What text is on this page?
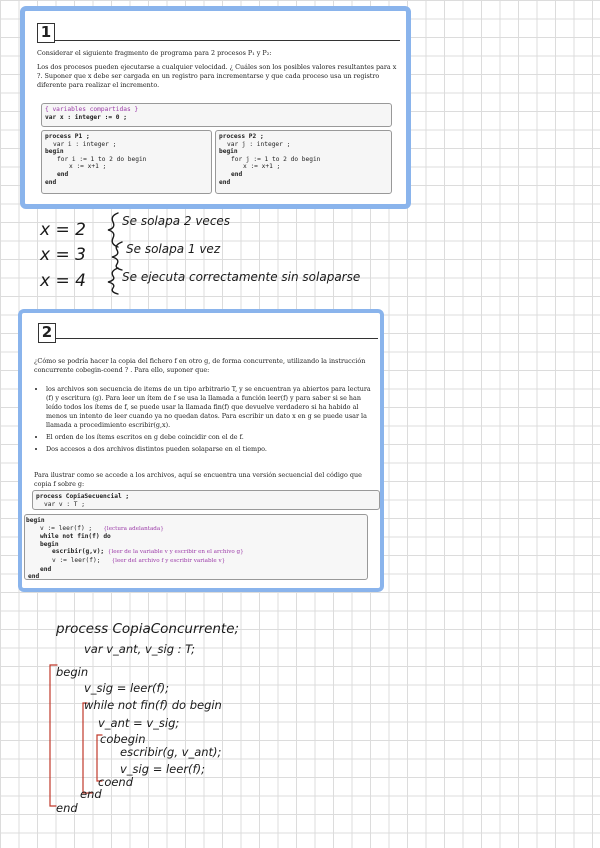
1
Considerar el siguiente fragmento de programa para 2 procesos P₁ y P₂:
Los dos procesos pueden ejecutarse a cualquier velocidad. ¿ Cuáles son los posibles valores resultantes para x ?. Suponer que x debe ser cargada en un registro para incrementarse y que cada proceso usa un registro diferente para realizar el incremento.
{ variables compartidas }
var x : integer := 0 ;
process P1 ;
var i : integer ;
begin
for i := 1 to 2 do begin
x := x+1 ;
end
end
process P2 ;
var j : integer ;
begin
for j := 1 to 2 do begin
x := x+1 ;
end
end
x = 2	Se solapa 2 veces
x = 3	Se solapa 1 vez
x = 4	Se ejecuta correctamente sin solaparse
2
¿Cómo se podría hacer la copia del fichero f en otro g, de forma concurrente, utilizando la instrucción concurrente cobegin-coend ? . Para ello, suponer que:
• los archivos son secuencia de items de un tipo arbitrario T, y se encuentran ya abiertos para lectura (f) y escritura (g). Para leer un ítem de f se usa la llamada a función leer(f) y para saber si se han leído todos los ítems de f, se puede usar la llamada fin(f) que devuelve verdadero si ha habido al menos un intento de leer cuando ya no quedan datos. Para escribir un dato x en g se puede usar la llamada a procedimiento escribir(g,x).
• El orden de los ítems escritos en g debe coincidir con el de f.
• Dos accesos a dos archivos distintos pueden solaparse en el tiempo.
Para ilustrar como se accede a los archivos, aquí se encuentra una versión secuencial del código que copia f sobre g:
process CopiaSecuencial ;
var v : T ;
begin
v := leer(f) ; {lectura adelantada}
while not fin(f) do
begin
escribir(g,v); {leer de la variable v y escribir en el archivo g}
v := leer(f); {leer del archivo f y escribir variable v}
end
end
process CopiaConcurrente;
var v_ant, v_sig : T;
begin
v_sig = leer(f);
while not fin(f) do begin
v_ant = v_sig;
cobegin
escribir(g, v_ant);
v_sig = leer(f);
coend
end
end
